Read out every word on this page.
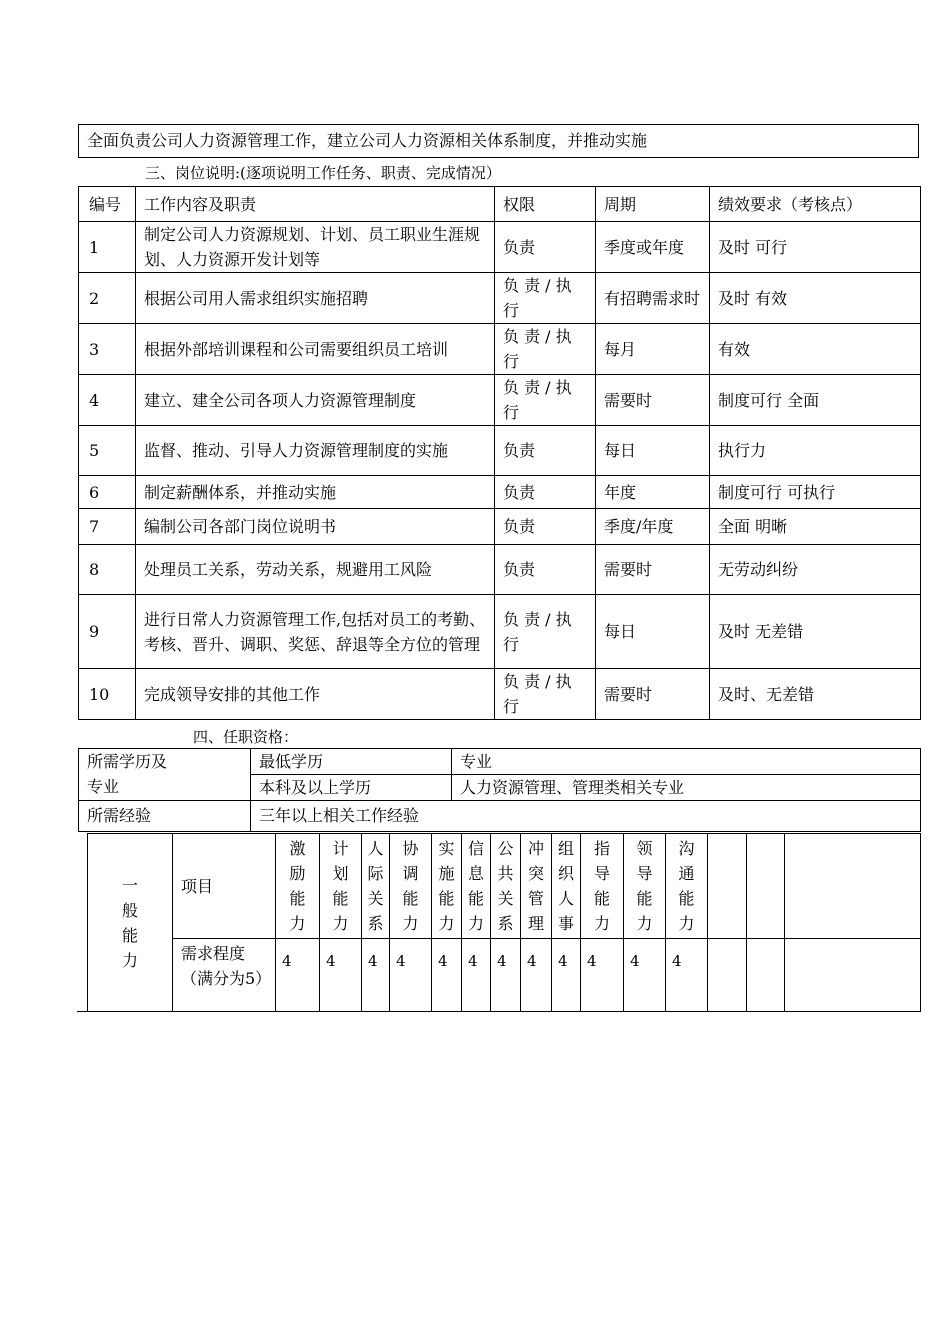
全面负责公司人力资源管理工作，建立公司人力资源相关体系制度，并推动实施
三、岗位说明:(逐项说明工作任务、职责、完成情况）
编号	工作内容及职责	权限	周期	绩效要求（考核点）
1	制定公司人力资源规划、计划、员工职业生涯规划、人力资源开发计划等	负责	季度或年度	及时 可行
2	根据公司用人需求组织实施招聘	负 责 / 执行	有招聘需求时	及时 有效
3	根据外部培训课程和公司需要组织员工培训	负 责 / 执行	每月	有效
4	建立、建全公司各项人力资源管理制度	负 责 / 执行	需要时	制度可行 全面
5	监督、推动、引导人力资源管理制度的实施	负责	每日	执行力
6	制定薪酬体系，并推动实施	负责	年度	制度可行 可执行
7	编制公司各部门岗位说明书	负责	季度/年度	全面 明晰
8	处理员工关系，劳动关系，规避用工风险	负责	需要时	无劳动纠纷
9	进行日常人力资源管理工作,包括对员工的考勤、考核、晋升、调职、奖惩、辞退等全方位的管理	负 责 / 执行	每日	及时 无差错
10	完成领导安排的其他工作	负 责 / 执行	需要时	及时、无差错
四、任职资格：
所需学历及
专业	最低学历	专业
	本科及以上学历	人力资源管理、管理类相关专业
所需经验	三年以上相关工作经验	
一般能力	项目	激励能力	计划能力	人际关系	协调能力	实施能力	信息能力	公共关系	冲突管理	组织人事	指导能力	领导能力	沟通能力			
	需求程度（满分为5）	4	4	4	4	4	4	4	4	4	4	4	4			
